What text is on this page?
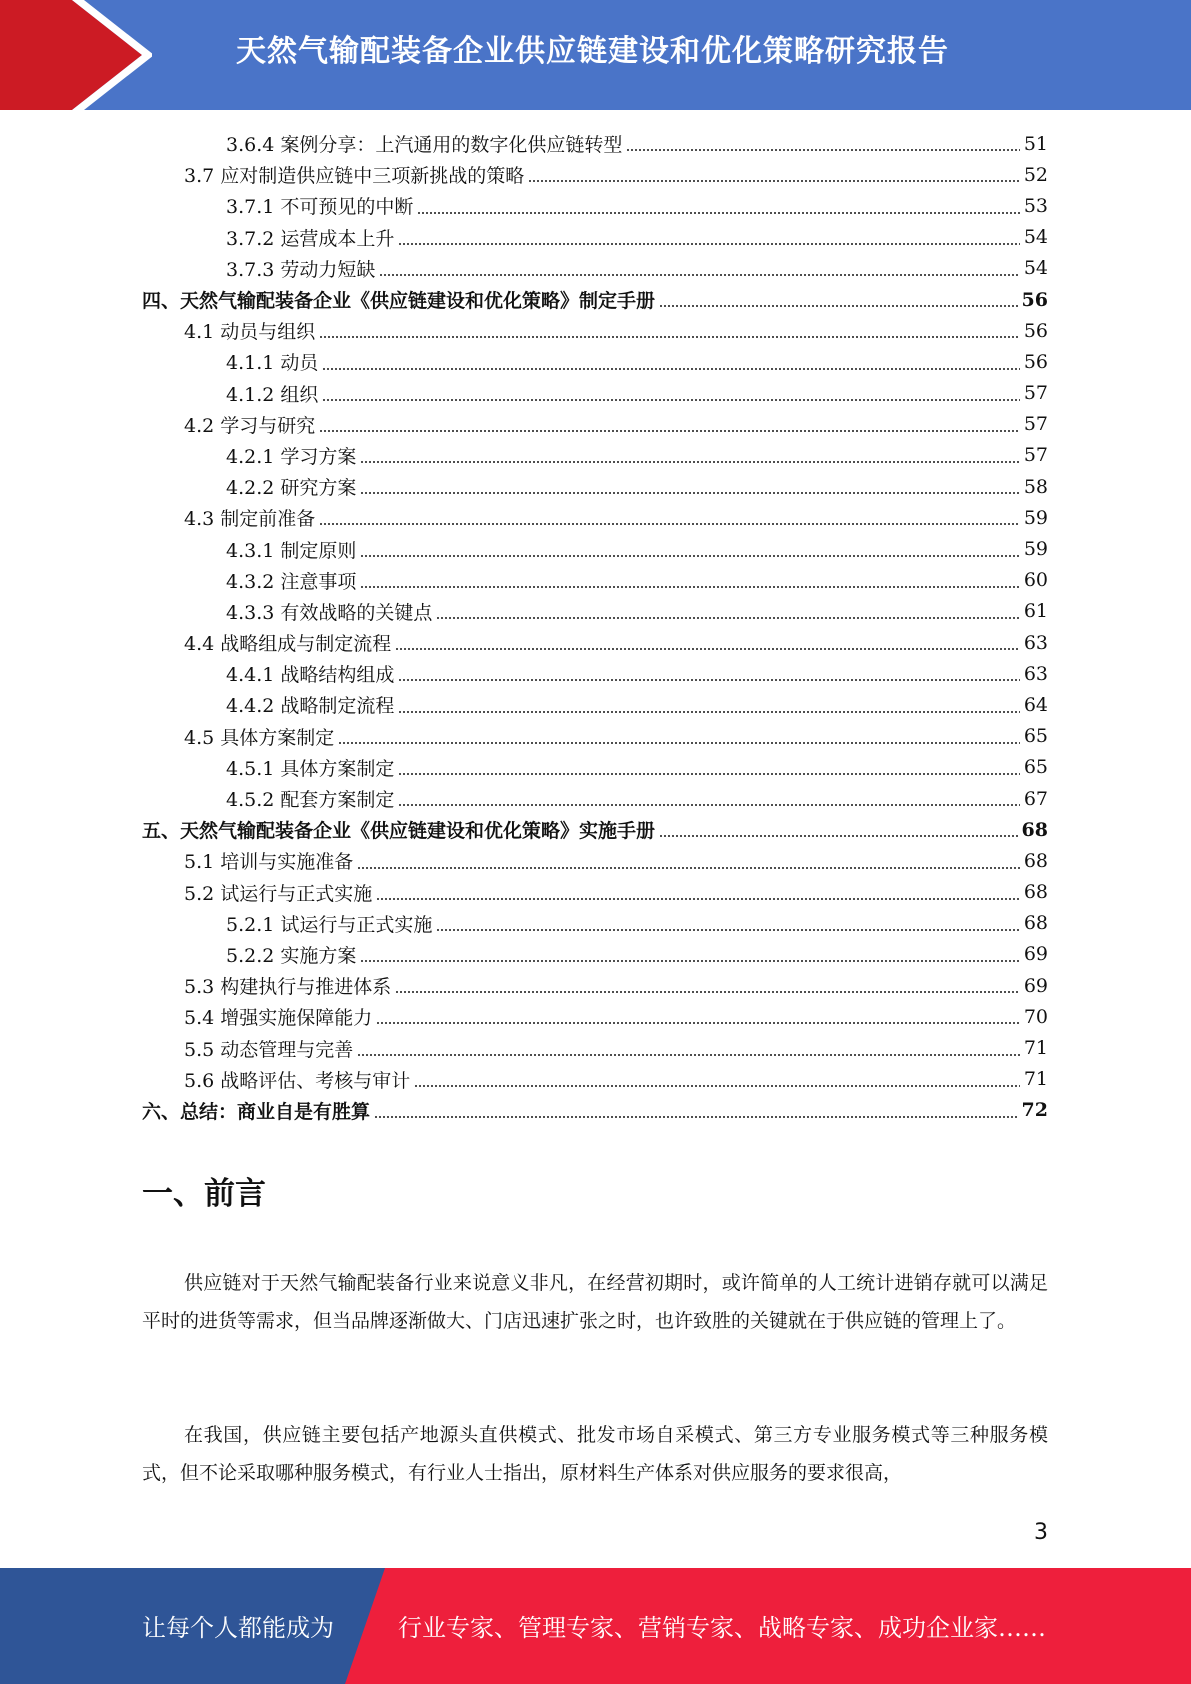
天然气输配装备企业供应链建设和优化策略研究报告
3.6.4 案例分享：上汽通用的数字化供应链转型	51
3.7 应对制造供应链中三项新挑战的策略	52
3.7.1 不可预见的中断	53
3.7.2 运营成本上升	54
3.7.3 劳动力短缺	54
四、天然气输配装备企业《供应链建设和优化策略》制定手册	56
4.1 动员与组织	56
4.1.1 动员	56
4.1.2 组织	57
4.2 学习与研究	57
4.2.1 学习方案	57
4.2.2 研究方案	58
4.3 制定前准备	59
4.3.1 制定原则	59
4.3.2 注意事项	60
4.3.3 有效战略的关键点	61
4.4 战略组成与制定流程	63
4.4.1 战略结构组成	63
4.4.2 战略制定流程	64
4.5 具体方案制定	65
4.5.1 具体方案制定	65
4.5.2 配套方案制定	67
五、天然气输配装备企业《供应链建设和优化策略》实施手册	68
5.1 培训与实施准备	68
5.2 试运行与正式实施	68
5.2.1 试运行与正式实施	68
5.2.2 实施方案	69
5.3 构建执行与推进体系	69
5.4 增强实施保障能力	70
5.5 动态管理与完善	71
5.6 战略评估、考核与审计	71
六、总结：商业自是有胜算	72
一、前言
供应链对于天然气输配装备行业来说意义非凡，在经营初期时，或许简单的人工统计进销存就可以满足平时的进货等需求，但当品牌逐渐做大、门店迅速扩张之时，也许致胜的关键就在于供应链的管理上了。
在我国，供应链主要包括产地源头直供模式、批发市场自采模式、第三方专业服务模式等三种服务模式，但不论采取哪种服务模式，有行业人士指出，原材料生产体系对供应服务的要求很高，
3
让每个人都能成为	行业专家、管理专家、营销专家、战略专家、成功企业家……
